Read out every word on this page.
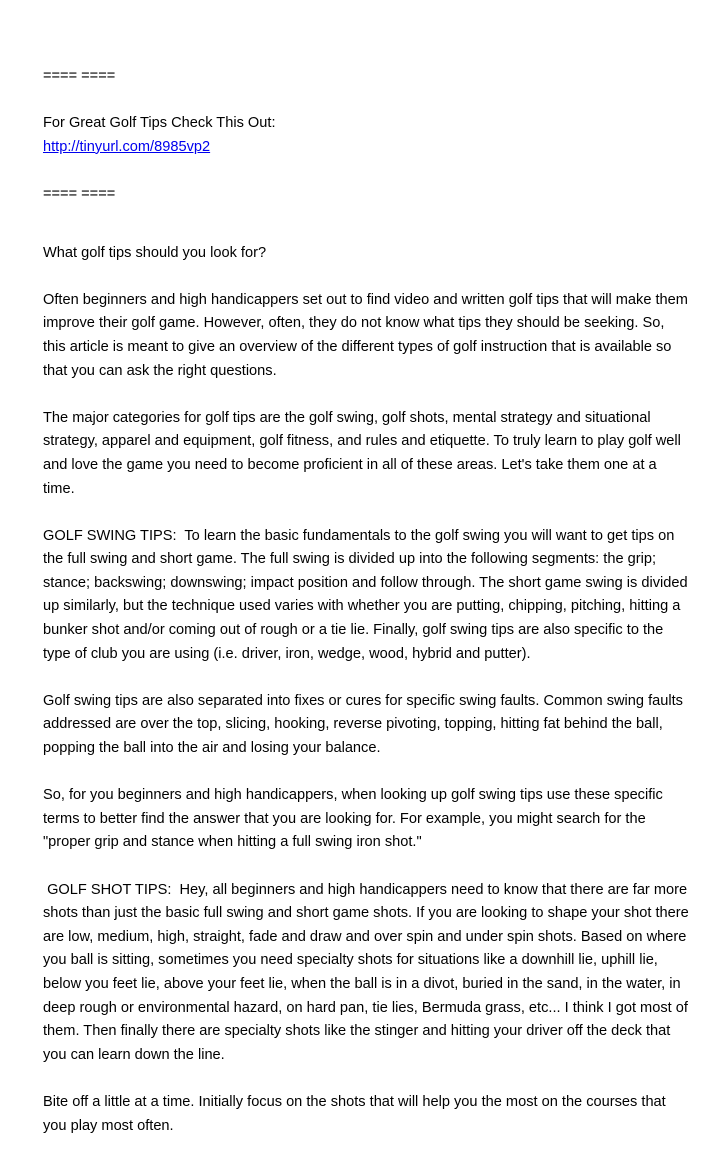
==== ====

For Great Golf Tips Check This Out:

http://tinyurl.com/8985vp2

==== ====

What golf tips should you look for?

Often beginners and high handicappers set out to find video and written golf tips that will make them improve their golf game. However, often, they do not know what tips they should be seeking. So, this article is meant to give an overview of the different types of golf instruction that is available so that you can ask the right questions.

The major categories for golf tips are the golf swing, golf shots, mental strategy and situational strategy, apparel and equipment, golf fitness, and rules and etiquette. To truly learn to play golf well and love the game you need to become proficient in all of these areas. Let's take them one at a time.

GOLF SWING TIPS:  To learn the basic fundamentals to the golf swing you will want to get tips on the full swing and short game. The full swing is divided up into the following segments: the grip; stance; backswing; downswing; impact position and follow through. The short game swing is divided up similarly, but the technique used varies with whether you are putting, chipping, pitching, hitting a bunker shot and/or coming out of rough or a tie lie. Finally, golf swing tips are also specific to the type of club you are using (i.e. driver, iron, wedge, wood, hybrid and putter).

Golf swing tips are also separated into fixes or cures for specific swing faults. Common swing faults addressed are over the top, slicing, hooking, reverse pivoting, topping, hitting fat behind the ball, popping the ball into the air and losing your balance.

So, for you beginners and high handicappers, when looking up golf swing tips use these specific terms to better find the answer that you are looking for. For example, you might search for the "proper grip and stance when hitting a full swing iron shot."

GOLF SHOT TIPS:  Hey, all beginners and high handicappers need to know that there are far more shots than just the basic full swing and short game shots. If you are looking to shape your shot there are low, medium, high, straight, fade and draw and over spin and under spin shots. Based on where you ball is sitting, sometimes you need specialty shots for situations like a downhill lie, uphill lie, below you feet lie, above your feet lie, when the ball is in a divot, buried in the sand, in the water, in deep rough or environmental hazard, on hard pan, tie lies, Bermuda grass, etc... I think I got most of them. Then finally there are specialty shots like the stinger and hitting your driver off the deck that you can learn down the line.

Bite off a little at a time. Initially focus on the shots that will help you the most on the courses that you play most often.
